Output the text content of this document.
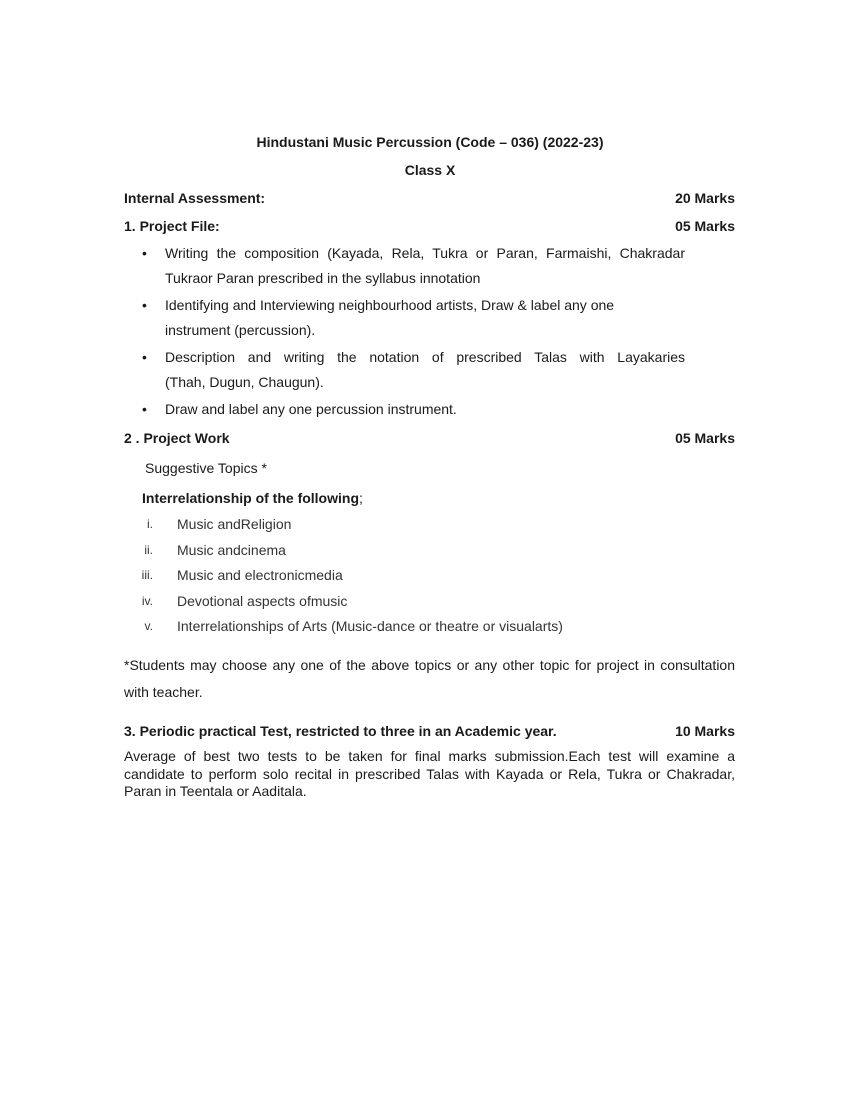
Hindustani Music Percussion (Code – 036) (2022-23)
Class X
Internal Assessment:	20 Marks
1. Project File:	05 Marks
• Writing the composition (Kayada, Rela, Tukra or Paran, Farmaishi, Chakradar
Tukraor Paran prescribed in the syllabus innotation
• Identifying and Interviewing neighbourhood artists, Draw & label any one
instrument (percussion).
• Description and writing the notation of prescribed Talas with Layakaries
(Thah, Dugun, Chaugun).
• Draw and label any one percussion instrument.
2 . Project Work	05 Marks
Suggestive Topics *
Interrelationship of the following;
i. Music andReligion
ii. Music andcinema
iii. Music and electronicmedia
iv. Devotional aspects ofmusic
v. Interrelationships of Arts (Music-dance or theatre or visualarts)
*Students may choose any one of the above topics or any other topic for project in consultation with teacher.
3. Periodic practical Test, restricted to three in an Academic year.	10 Marks
Average of best two tests to be taken for final marks submission.Each test will examine a candidate to perform solo recital in prescribed Talas with Kayada or Rela, Tukra or Chakradar, Paran in Teentala or Aaditala.
